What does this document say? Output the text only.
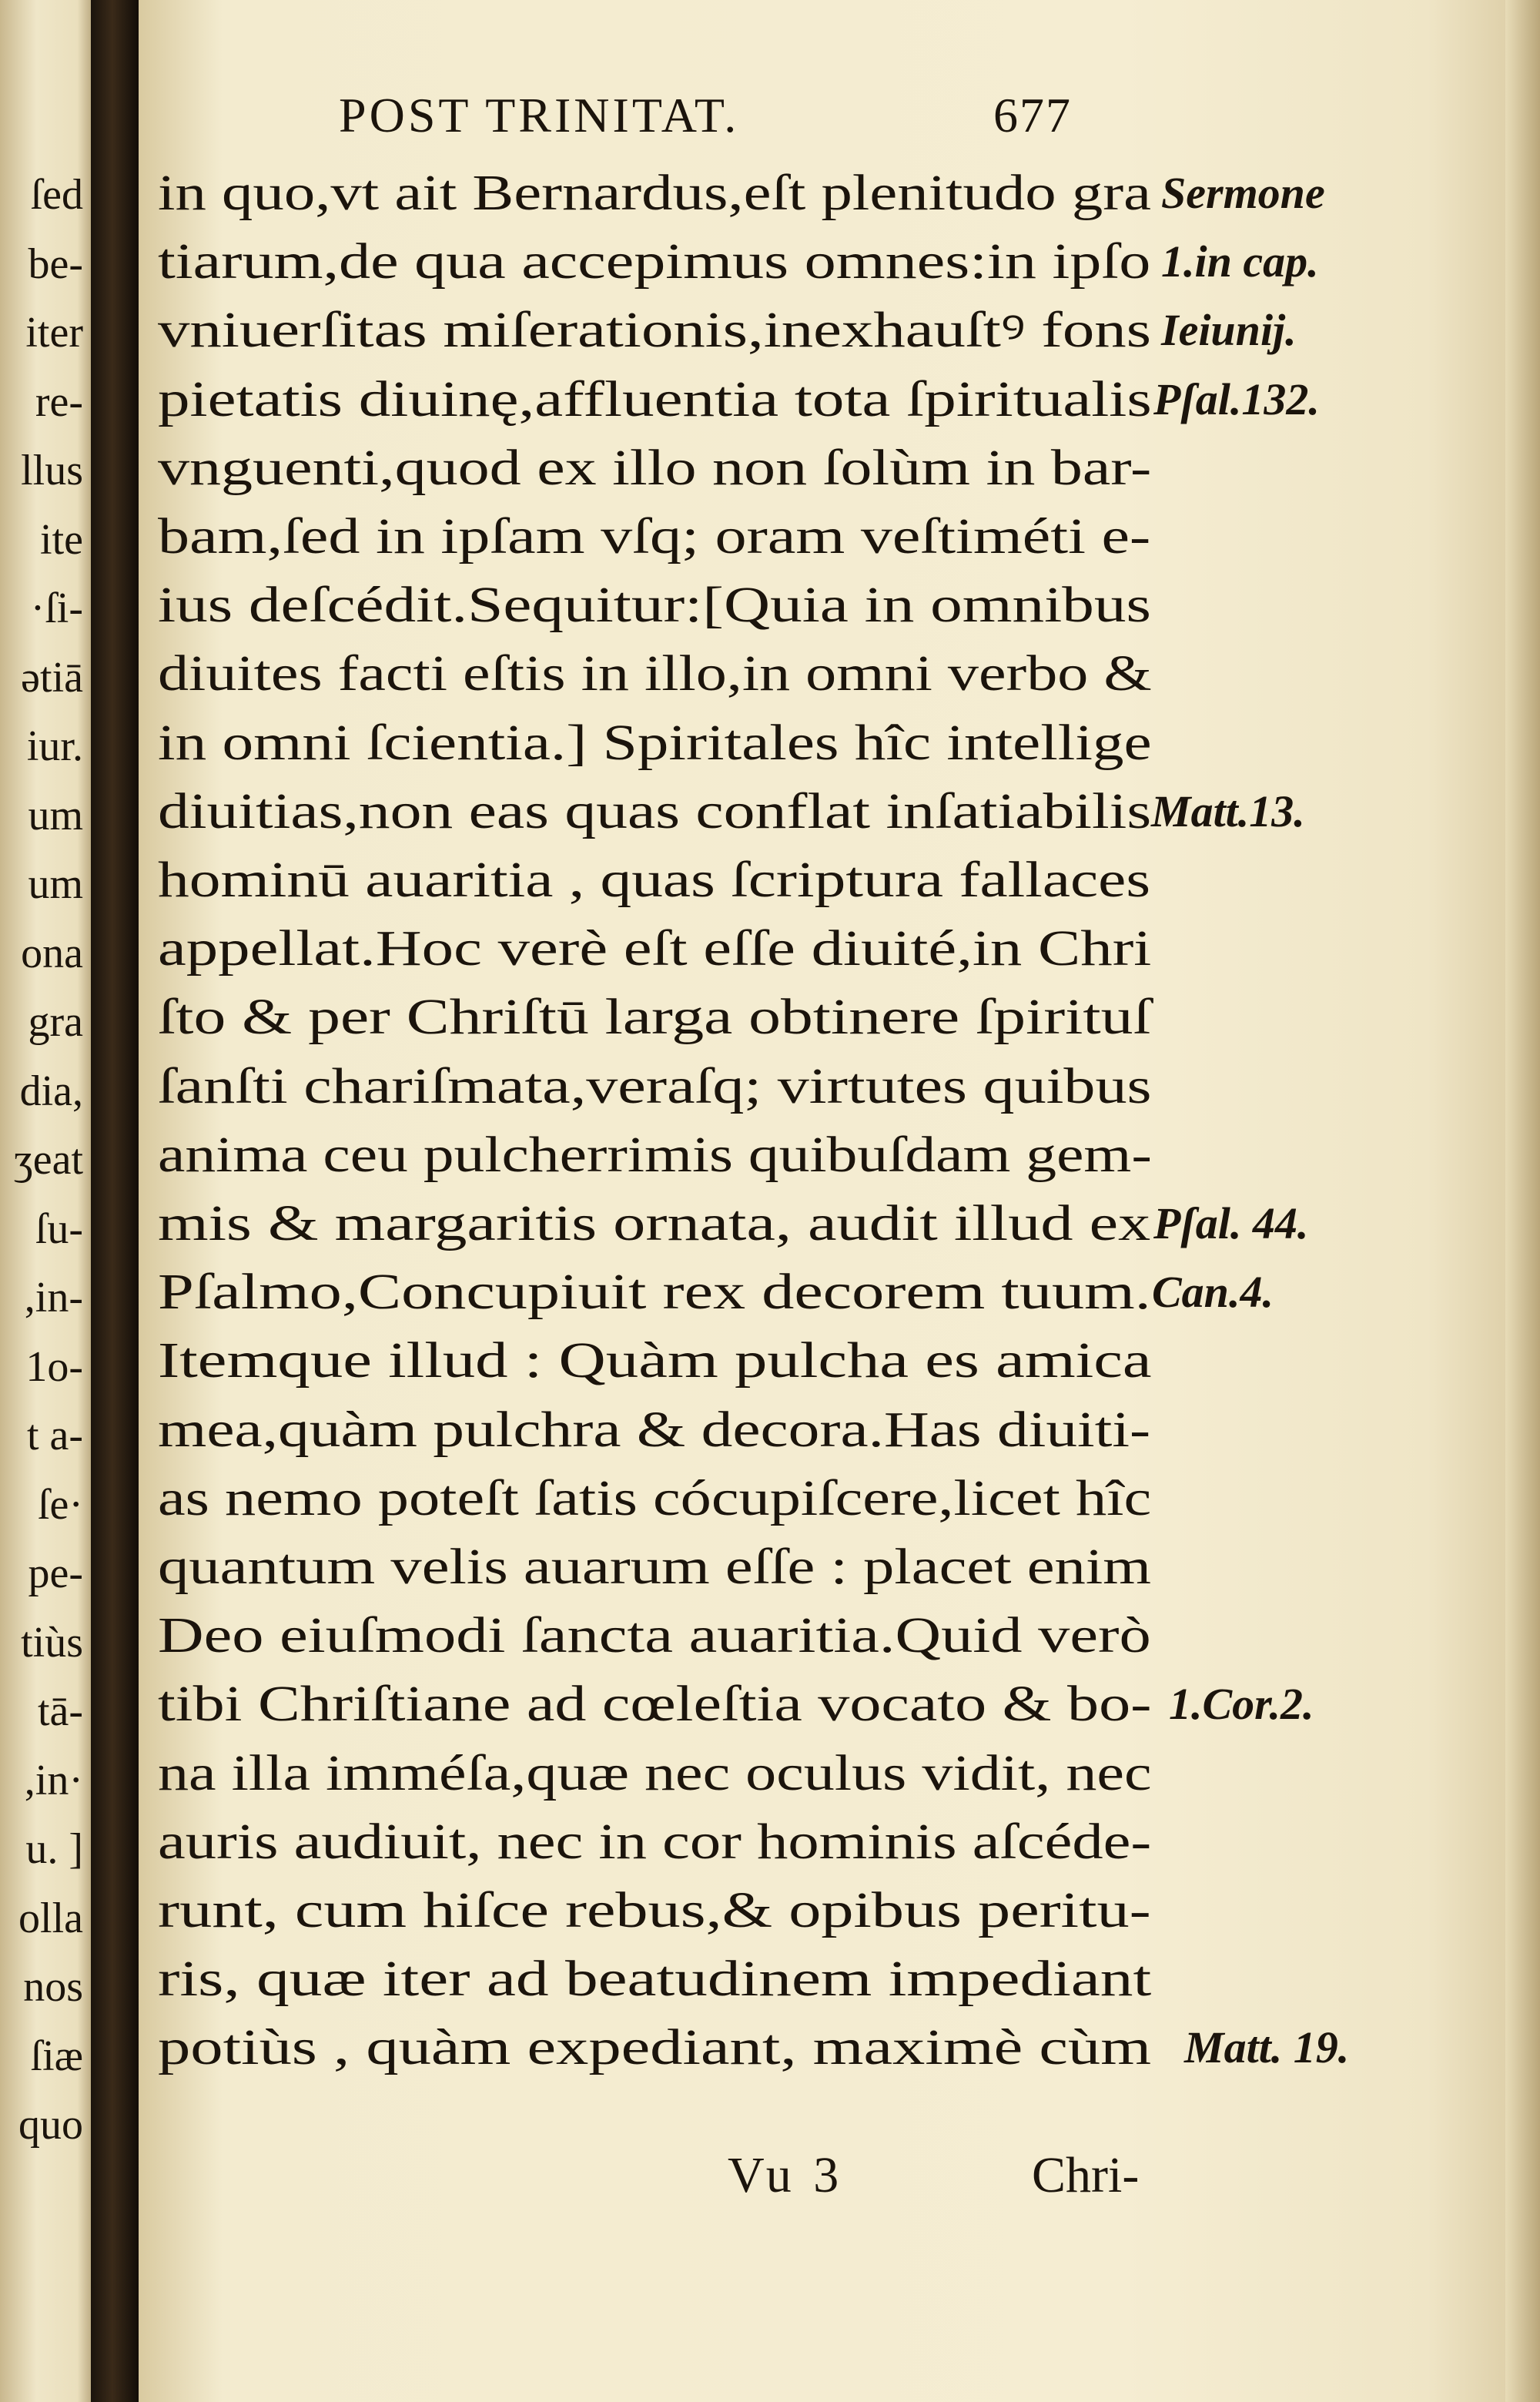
ſed
be-
iter
re-
llus
ite
·ſi-
ətiā
iur.
um
um
ona
gra
dia,
ʒeat
ſu-
,in-
1o-
t a-
ſe·
pe-
tiùs
tā-
,in·
u. ]
olla
nos
ſiæ
quo
POST TRINITAT.	677
in quo,vt ait Bernardus,eſt plenitudo gra
tiarum,de qua accepimus omnes:in ipſo
vniuerſitas miſerationis,inexhauſtꝰ fons
pietatis diuinę,affluentia tota ſpiritualis
vnguenti,quod ex illo non ſolùm in bar-
bam,ſed in ipſam vſq; oram veſtiméti e-
ius deſcédit.Sequitur:[Quia in omnibus
diuites facti eſtis in illo,in omni verbo &
in omni ſcientia.] Spiritales hîc intellige
diuitias,non eas quas conflat inſatiabilis
hominū auaritia , quas ſcriptura fallaces
appellat.Hoc verè eſt eſſe diuité,in Chri
ſto & per Chriſtū larga obtinere ſpirituſ
ſanſti chariſmata,veraſq; virtutes quibus
anima ceu pulcherrimis quibuſdam gem-
mis & margaritis ornata, audit illud ex
Pſalmo,Concupiuit rex decorem tuum.
Itemque illud : Quàm pulcha es amica
mea,quàm pulchra & decora.Has diuiti-
as nemo poteſt ſatis cócupiſcere,licet hîc
quantum velis auarum eſſe : placet enim
Deo eiuſmodi ſancta auaritia.Quid verò
tibi Chriſtiane ad cœleſtia vocato & bo-
na illa imméſa,quæ nec oculus vidit, nec
auris audiuit, nec in cor hominis aſcéde-
runt, cum hiſce rebus,& opibus peritu-
ris, quæ iter ad beatudinem impediant
potiùs , quàm expediant, maximè cùm
Sermone
1.in cap.
Ieiunij.
Pſal.132.
Matt.13.
Pſal. 44.
Can.4.
1.Cor.2.
Matt. 19.
Vu 3	Chri-
